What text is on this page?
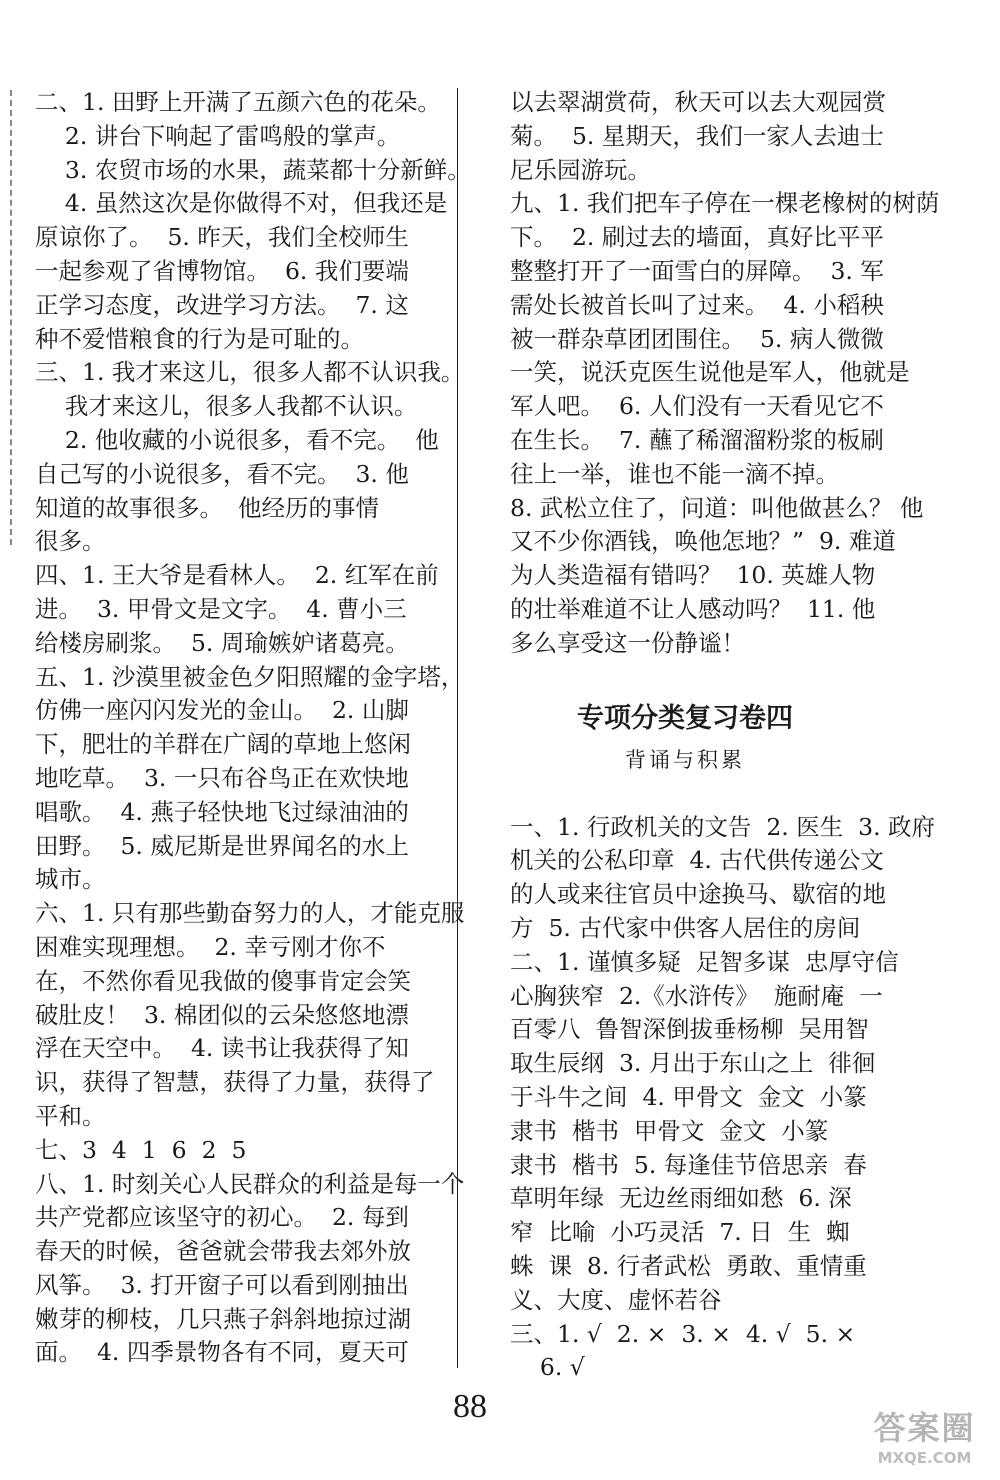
二、1. 田野上开满了五颜六色的花朵。
2. 讲台下响起了雷鸣般的掌声。
3. 农贸市场的水果，蔬菜都十分新鲜。
4. 虽然这次是你做得不对，但我还是
原谅你了。  5. 昨天，我们全校师生
一起参观了省博物馆。  6. 我们要端
正学习态度，改进学习方法。  7. 这
种不爱惜粮食的行为是可耻的。
三、1. 我才来这儿，很多人都不认识我。
我才来这儿，很多人我都不认识。
2. 他收藏的小说很多，看不完。  他
自己写的小说很多，看不完。  3. 他
知道的故事很多。  他经历的事情
很多。
四、1. 王大爷是看林人。  2. 红军在前
进。  3. 甲骨文是文字。  4. 曹小三
给楼房刷浆。  5. 周瑜嫉妒诸葛亮。
五、1. 沙漠里被金色夕阳照耀的金字塔，
仿佛一座闪闪发光的金山。  2. 山脚
下，肥壮的羊群在广阔的草地上悠闲
地吃草。  3. 一只布谷鸟正在欢快地
唱歌。  4. 燕子轻快地飞过绿油油的
田野。  5. 威尼斯是世界闻名的水上
城市。
六、1. 只有那些勤奋努力的人，才能克服
困难实现理想。  2. 幸亏刚才你不
在，不然你看见我做的傻事肯定会笑
破肚皮！  3. 棉团似的云朵悠悠地漂
浮在天空中。  4. 读书让我获得了知
识，获得了智慧，获得了力量，获得了
平和。
七、3  4  1  6  2  5
八、1. 时刻关心人民群众的利益是每一个
共产党都应该坚守的初心。  2. 每到
春天的时候，爸爸就会带我去郊外放
风筝。  3. 打开窗子可以看到刚抽出
嫩芽的柳枝，几只燕子斜斜地掠过湖
面。  4. 四季景物各有不同，夏天可
以去翠湖赏荷，秋天可以去大观园赏
菊。  5. 星期天，我们一家人去迪士
尼乐园游玩。
九、1. 我们把车子停在一棵老橡树的树荫
下。  2. 刷过去的墙面，真好比平平
整整打开了一面雪白的屏障。  3. 军
需处长被首长叫了过来。  4. 小稻秧
被一群杂草团团围住。  5. 病人微微
一笑，说沃克医生说他是军人，他就是
军人吧。  6. 人们没有一天看见它不
在生长。  7. 蘸了稀溜溜粉浆的板刷
往上一举，谁也不能一滴不掉。
8. 武松立住了，问道：叫他做甚么？ 他
又不少你酒钱，唤他怎地？”  9. 难道
为人类造福有错吗？  10. 英雄人物
的壮举难道不让人感动吗？  11. 他
多么享受这一份静谧！
专项分类复习卷四
背诵与积累
一、1. 行政机关的文告  2. 医生  3. 政府
机关的公私印章  4. 古代供传递公文
的人或来往官员中途换马、歇宿的地
方  5. 古代家中供客人居住的房间
二、1. 谨慎多疑  足智多谋  忠厚守信
心胸狭窄  2.《水浒传》  施耐庵  一
百零八  鲁智深倒拔垂杨柳  吴用智
取生辰纲  3. 月出于东山之上  徘徊
于斗牛之间  4. 甲骨文  金文  小篆
隶书  楷书  甲骨文  金文  小篆
隶书  楷书  5. 每逢佳节倍思亲  春
草明年绿  无边丝雨细如愁  6. 深
窄  比喻  小巧灵活  7. 日  生  蜘
蛛  课  8. 行者武松  勇敢、重情重
义、大度、虚怀若谷
三、1. √  2. ×  3. ×  4. √  5. ×
6. √
88
答案圈
MXQE.COM
